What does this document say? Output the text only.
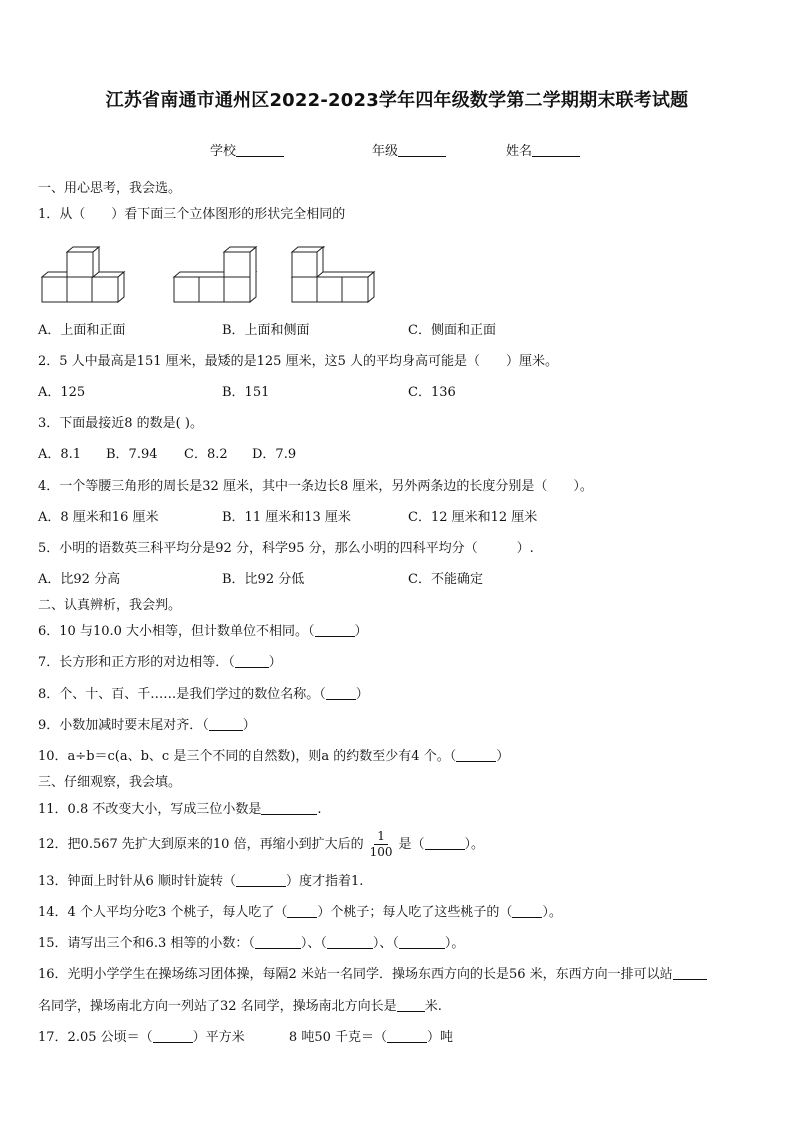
江苏省南通市通州区2022-2023学年四年级数学第二学期期末联考试题
学校	年级	姓名
一、用心思考，我会选。
1．从（　　）看下面三个立体图形的形状完全相同的
A．上面和正面	B．上面和侧面	C．侧面和正面
2．5 人中最高是151 厘米，最矮的是125 厘米，这5 人的平均身高可能是（　　）厘米。
A．125	B．151	C．136
3．下面最接近8 的数是( )。
A．8.1 B．7.94 C．8.2 D．7.9
4．一个等腰三角形的周长是32 厘米，其中一条边长8 厘米，另外两条边的长度分别是（　　）。
A．8 厘米和16 厘米	B．11 厘米和13 厘米	C．12 厘米和12 厘米
5．小明的语数英三科平均分是92 分，科学95 分，那么小明的四科平均分（　　　）.
A．比92 分高	B．比92 分低	C．不能确定
二、认真辨析，我会判。
6．10 与10.0 大小相等，但计数单位不相同。（	）
7．长方形和正方形的对边相等．（	）
8．个、十、百、千……是我们学过的数位名称。（ ）
9．小数加减时要末尾对齐．（	）
10．a÷b＝c(a、b、c 是三个不同的自然数)，则a 的约数至少有4 个。（	）
三、仔细观察，我会填。
11．0.8 不改变大小，写成三位小数是	.
12．把0.567 先扩大到原来的10 倍，再缩小到扩大后的 $\frac{1}{100}$ 是（	）。
13．钟面上时针从6 顺时针旋转（	）度才指着1.
14．4 个人平均分吃3 个桃子，每人吃了（ ）个桃子；每人吃了这些桃子的（ ）。
15．请写出三个和6.3 相等的小数：（	）、（	）、（	）。
16．光明小学学生在操场练习团体操，每隔2 米站一名同学．操场东西方向的长是56 米，东西方向一排可以站
名同学，操场南北方向一列站了32 名同学，操场南北方向长是 米.
17．2.05 公顷＝（	）平方米	8 吨50 千克＝（	）吨
